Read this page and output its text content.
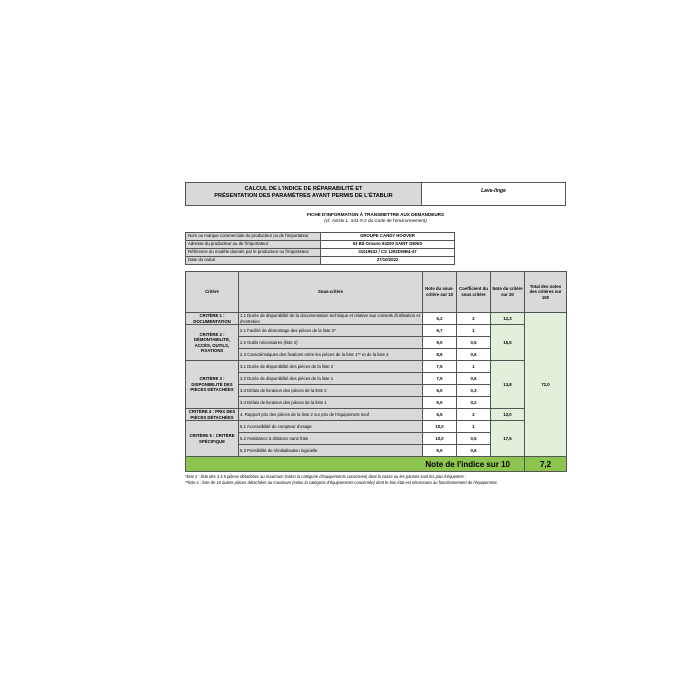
CALCUL DE L'INDICE DE RÉPARABILITÉ ET
PRÉSENTATION DES PARAMÈTRES AYANT PERMIS DE L'ÉTABLIR
Lave-linge
FICHE D'INFORMATION À TRANSMETTRE AUX DEMANDEURS
(cf. Article L. 541-9-2 du Code de l'environnement)
Nom ou marque commerciale du producteur ou de l'importateur	GROUPE CANDY HOOVER
Adresse du producteur ou de l'importateur	53 Bd Ornano 93200 SAINT DENIS
Référence du modèle donnée par le producteur ou l'importateur	31019532 / CS 1292DWB4-47
Date du calcul	27/10/2022
Critère	Sous-critère	Note du sous-critère sur 10	Coefficient du sous critère	Note du critère sur 20	Total des notes des critères sur 100
CRITÈRE 1 : DOCUMENTATION	1.1 Durée de disponibilité de la documentation technique et relative aux conseils d'utilisation et d'entretien	6,2	2	12,3	72,0
CRITÈRE 2 : DÉMONTABILITÉ, ACCÈS, OUTILS, FIXATIONS	2.1 Facilité de démontage des pièces de la liste 2*	6,7	1	15,5	
	2.2 Outils nécessaires (liste 2)	9,0	0,5		
	2.3 Caractéristiques des fixations entre les pièces de la liste 1** et de la liste 2	8,6	0,5		
CRITÈRE 3 : DISPONIBILITÉ DES PIÈCES DÉTACHÉES	3.1 Durée de disponibilité des pièces de la liste 2	7,5	1	13,8	
	3.2 Durée de disponibilité des pièces de la liste 1	7,5	0,5		
	3.3 Délais de livraison des pièces de la liste 2	5,0	0,3		
	3.4 Délais de livraison des pièces de la liste 1	5,0	0,2		
CRITÈRE 4 : PRIX DES PIÈCES DÉTACHÉES	4. Rapport prix des pièces de la liste 2 sur prix de l'équipement neuf	6,5	2	13,0	
CRITÈRE 5 : CRITÈRE SPÉCIFIQUE	5.1 Accessibilité du compteur d'usage	10,0	1	17,5	
	5.2 Assistance à distance sans frais	10,0	0,5		
	5.3 Possibilité de réinitialisation logicielle	5,0	0,5		
Note de l'indice sur 10					7,2
*liste 2 : liste des 3 à 5 pièces détachées au maximum (selon la catégorie d'équipements concernée) dont la casse ou les pannes sont les plus fréquentes ;
**liste 1 : liste de 10 autres pièces détachées au maximum (selon la catégorie d'équipements concernée) dont le bon état est nécessaire au fonctionnement de l'équipement.
